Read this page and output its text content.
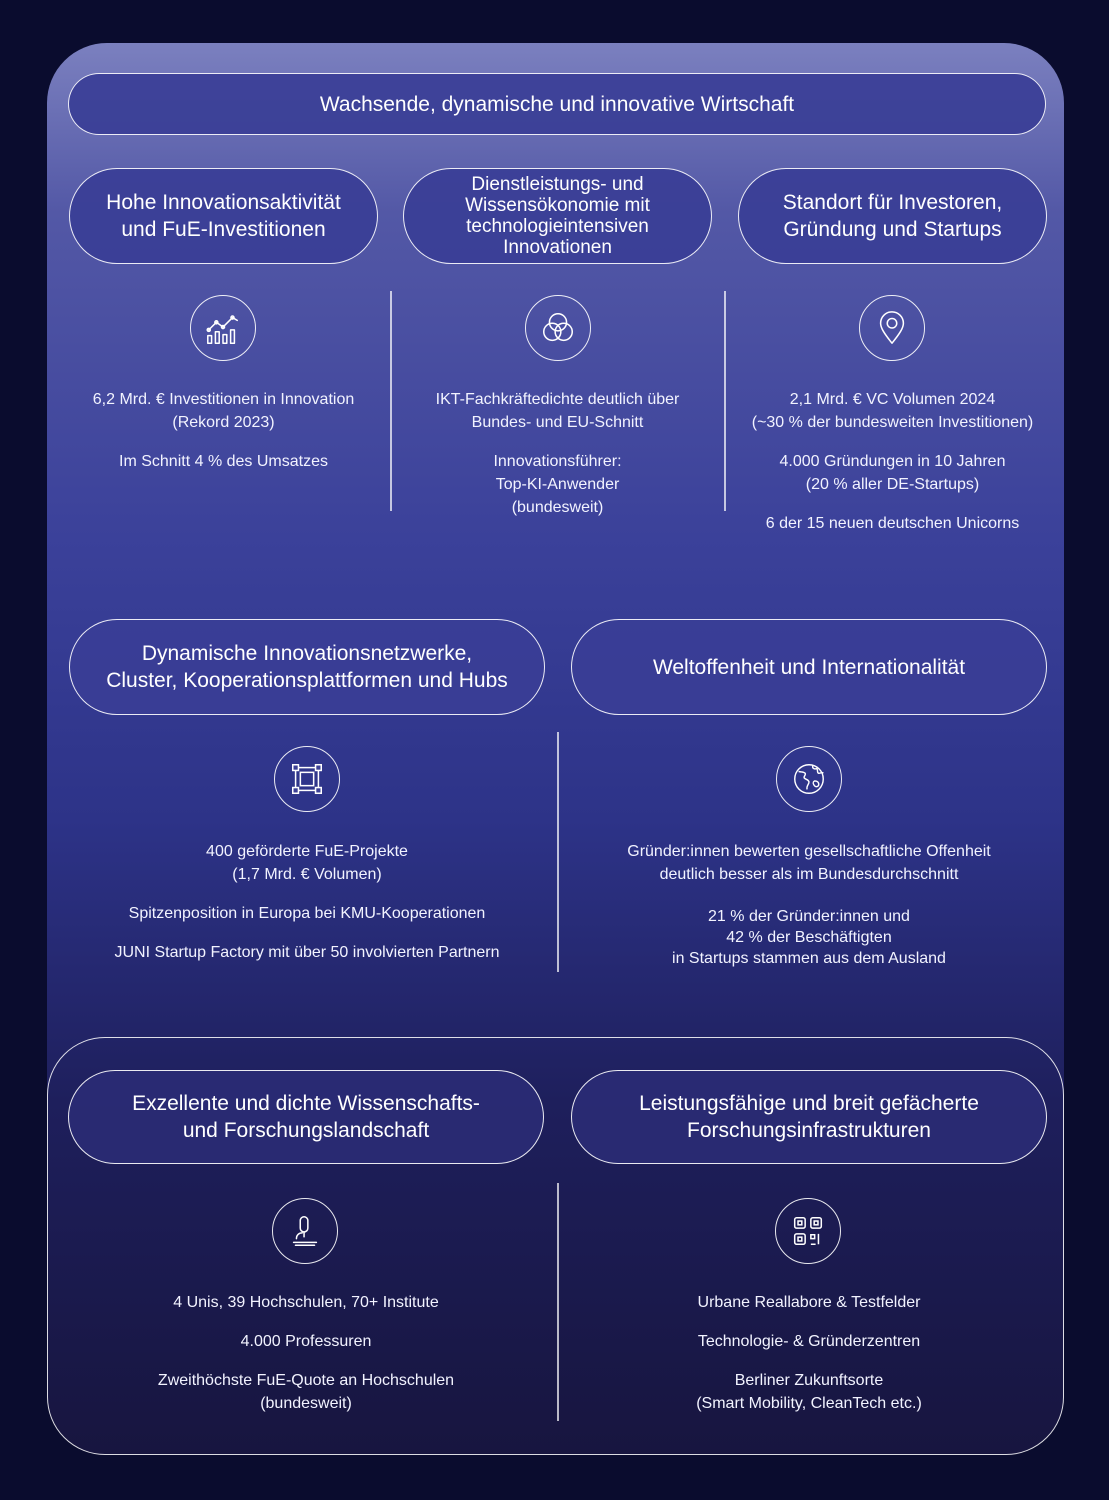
Wachsende, dynamische und innovative Wirtschaft
Hohe Innovationsaktivität
und FuE-Investitionen
Dienstleistungs- und
Wissensökonomie mit
technologieintensiven
Innovationen
Standort für Investoren,
Gründung und Startups

6,2 Mrd. € Investitionen in Innovation
(Rekord 2023)

Im Schnitt 4 % des Umsatzes

IKT-Fachkräftedichte deutlich über
Bundes- und EU-Schnitt

Innovationsführer:
Top-KI-Anwender
(bundesweit)

2,1 Mrd. € VC Volumen 2024
(~30 % der bundesweiten Investitionen)

4.000 Gründungen in 10 Jahren
(20 % aller DE-Startups)

6 der 15 neuen deutschen Unicorns

Dynamische Innovationsnetzwerke,
Cluster, Kooperationsplattformen und Hubs
Weltoffenheit und Internationalität

400 geförderte FuE-Projekte
(1,7 Mrd. € Volumen)

Spitzenposition in Europa bei KMU-Kooperationen

JUNI Startup Factory mit über 50 involvierten Partnern

Gründer:innen bewerten gesellschaftliche Offenheit
deutlich besser als im Bundesdurchschnitt

21 % der Gründer:innen und
42 % der Beschäftigten
in Startups stammen aus dem Ausland

Exzellente und dichte Wissenschafts-
und Forschungslandschaft
Leistungsfähige und breit gefächerte
Forschungsinfrastrukturen

4 Unis, 39 Hochschulen, 70+ Institute

4.000 Professuren

Zweithöchste FuE-Quote an Hochschulen
(bundesweit)

Urbane Reallabore & Testfelder

Technologie- & Gründerzentren

Berliner Zukunftsorte
(Smart Mobility, CleanTech etc.)
